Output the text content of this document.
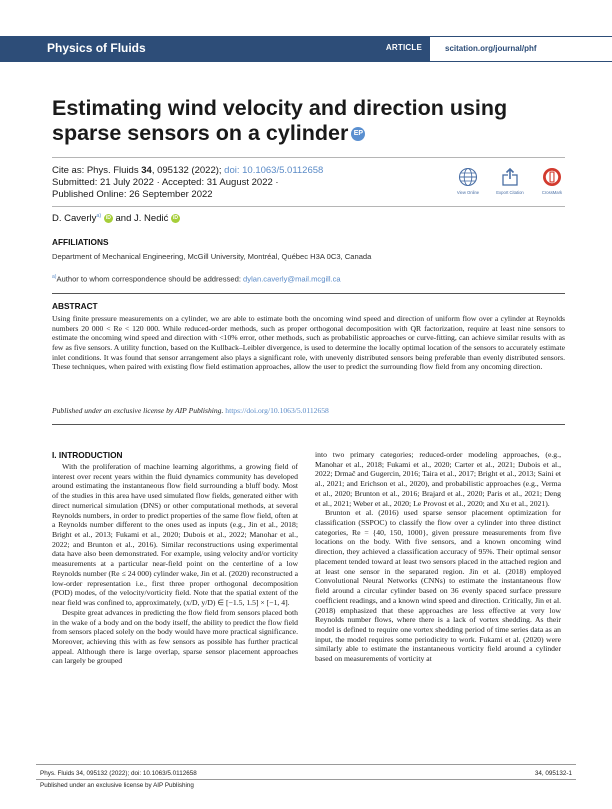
Physics of Fluids	ARTICLE	scitation.org/journal/phf
Estimating wind velocity and direction using
sparse sensors on a cylinder EP
Cite as: Phys. Fluids 34, 095132 (2022); doi: 10.1063/5.0112658
Submitted: 21 July 2022 · Accepted: 31 August 2022 ·
Published Online: 26 September 2022	View Online	Export Citation	CrossMark
D. Caverly$^{a)}$ iD and J. Nedić iD
AFFILIATIONS
Department of Mechanical Engineering, McGill University, Montréal, Québec H3A 0C3, Canada
$^{a)}$Author to whom correspondence should be addressed: dylan.caverly@mail.mcgill.ca
ABSTRACT
Using finite pressure measurements on a cylinder, we are able to estimate both the oncoming wind speed and direction of uniform flow over a cylinder at Reynolds numbers 20 000 < Re < 120 000. While reduced-order methods, such as proper orthogonal decomposition with QR factorization, require at least nine sensors to estimate the oncoming wind speed and direction with <10% error, other methods, such as probabilistic approaches or curve-fitting, can achieve similar results with as few as five sensors. A utility function, based on the Kullback–Leibler divergence, is used to determine the locally optimal location of the sensors to accurately estimate inlet conditions. It was found that sensor arrangement also plays a significant role, with unevenly distributed sensors being preferable than evenly distributed sensors. These techniques, when paired with existing flow field estimation approaches, allow the user to predict the surrounding flow field from any oncoming direction.
Published under an exclusive license by AIP Publishing. https://doi.org/10.1063/5.0112658
I. INTRODUCTION

With the proliferation of machine learning algorithms, a growing field of interest over recent years within the fluid dynamics community has developed around estimating the instantaneous flow field surrounding a bluff body. Most of the studies in this area have used simulated flow fields, generated either with direct numerical simulation (DNS) or other computational methods, at several Reynolds numbers, in order to predict properties of the same flow field, often at a Reynolds number different to the ones used as inputs (e.g., Jin et al., 2018; Bright et al., 2013; Fukami et al., 2020; Dubois et al., 2022; Manohar et al., 2022; and Brunton et al., 2016). Similar reconstructions using experimental data have also been demonstrated. For example, using velocity and/or vorticity measurements at a particular near-field point on the centerline of a low Reynolds number (Re ≤ 24 000) cylinder wake, Jin et al. (2020) reconstructed a low-order representation i.e., first three proper orthogonal decomposition (POD) modes, of the velocity/vorticity field. Note that the spatial extent of the near field was confined to, approximately, (x/D, y/D) ∈ [−1.5, 1.5] × [−1, 4].

Despite great advances in predicting the flow field from sensors placed both in the wake of a body and on the body itself, the ability to predict the flow field from sensors placed solely on the body would have more practical significance. Moreover, achieving this with as few sensors as possible has further practical appeal. Although there is large overlap, sparse sensor placement approaches can largely be grouped

into two primary categories; reduced-order modeling approaches, (e.g., Manohar et al., 2018; Fukami et al., 2020; Carter et al., 2021; Dubois et al., 2022; Drmač and Gugercin, 2016; Taira et al., 2017; Bright et al., 2013; Saini et al., 2021; and Erichson et al., 2020), and probabilistic approaches (e.g., Verma et al., 2020; Brunton et al., 2016; Brajard et al., 2020; Paris et al., 2021; Deng et al., 2021; Weber et al., 2020; Le Provost et al., 2020; and Xu et al., 2021).

Brunton et al. (2016) used sparse sensor placement optimization for classification (SSPOC) to classify the flow over a cylinder into three distinct categories, Re = {40, 150, 1000}, given pressure measurements from five locations on the body. With five sensors, and a known oncoming wind direction, they achieved a classification accuracy of 95%. Their optimal sensor placement tended toward at least two sensors placed in the attached region and at least one sensor in the separated region. Jin et al. (2018) employed Convolutional Neural Networks (CNNs) to estimate the instantaneous flow field around a circular cylinder based on 36 evenly spaced surface pressure coefficient readings, and a known wind speed and direction. Critically, Jin et al. (2018) emphasized that these approaches are less effective at very low Reynolds number flows, where there is a lack of vortex shedding. As their model is defined to require one vortex shedding period of time series data as an input, the model requires some periodicity to work. Fukami et al. (2020) were similarly able to estimate the instantaneous vorticity field around a cylinder based on measurements of vorticity at

Phys. Fluids 34, 095132 (2022); doi: 10.1063/5.0112658	34, 095132-1
Published under an exclusive license by AIP Publishing
